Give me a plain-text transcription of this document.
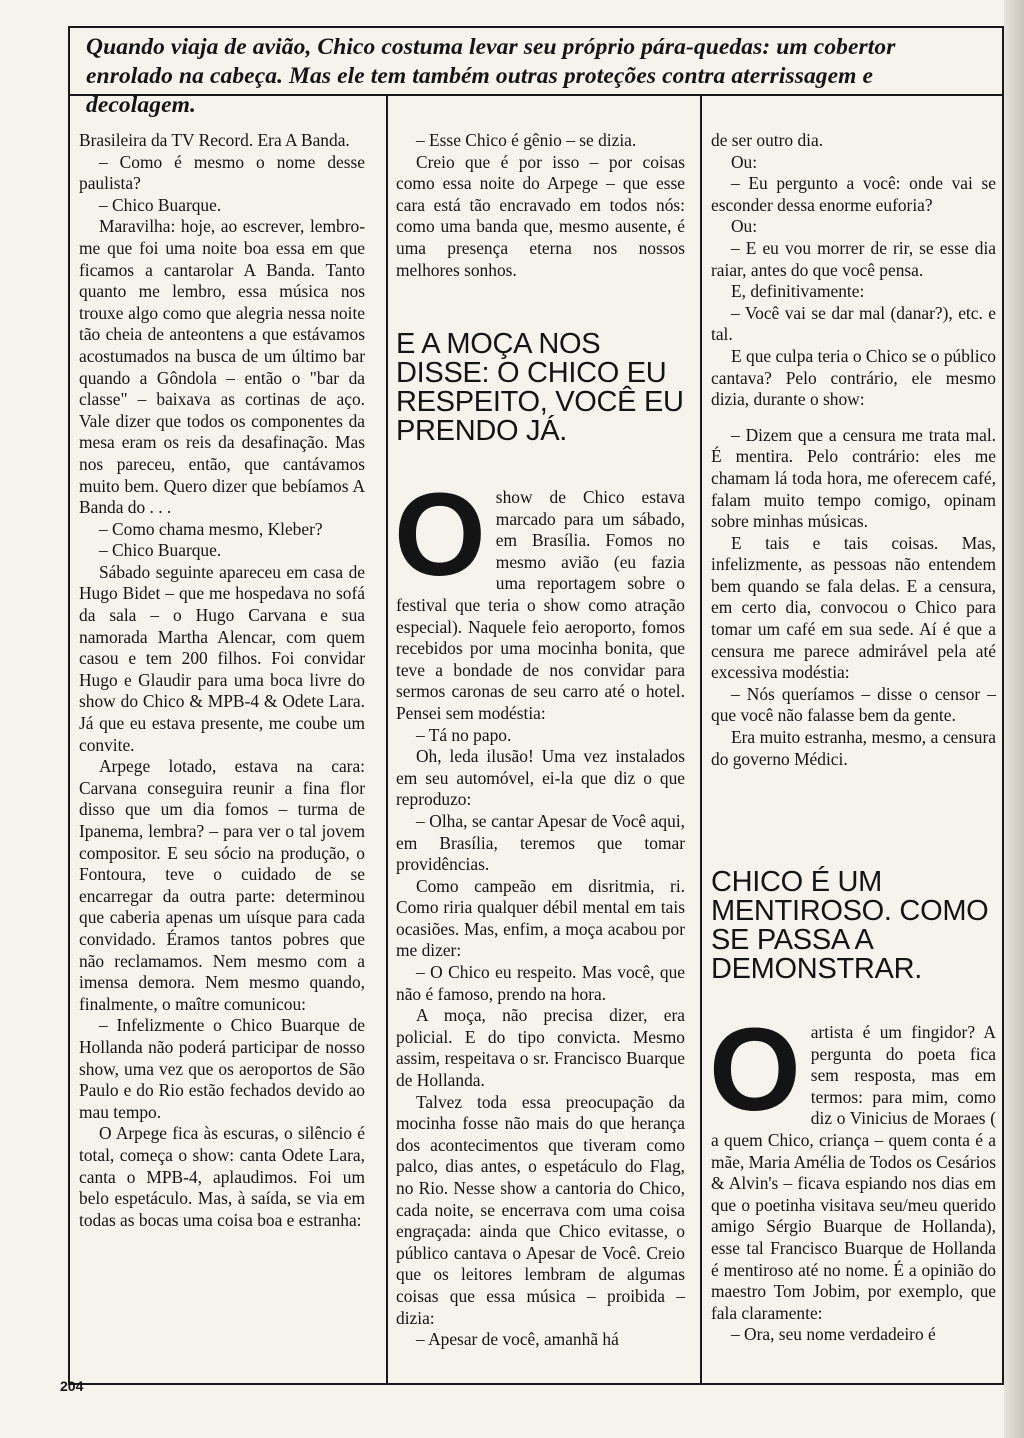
Quando viaja de avião, Chico costuma levar seu próprio pára-quedas: um cobertor enrolado na cabeça. Mas ele tem também outras proteções contra aterrissagem e decolagem.

Brasileira da TV Record. Era A Banda.

– Como é mesmo o nome desse paulista?

– Chico Buarque.

Maravilha: hoje, ao escrever, lembro-me que foi uma noite boa essa em que ficamos a cantarolar A Banda. Tanto quanto me lembro, essa música nos trouxe algo como que alegria nessa noite tão cheia de anteontens a que estávamos acostumados na busca de um último bar quando a Gôndola – então o "bar da classe" – baixava as cortinas de aço. Vale dizer que todos os componentes da mesa eram os reis da desafinação. Mas nos pareceu, então, que cantávamos muito bem. Quero dizer que bebíamos A Banda do . . .

– Como chama mesmo, Kleber?

– Chico Buarque.

Sábado seguinte apareceu em casa de Hugo Bidet – que me hospedava no sofá da sala – o Hugo Carvana e sua namorada Martha Alencar, com quem casou e tem 200 filhos. Foi convidar Hugo e Glaudir para uma boca livre do show do Chico & MPB-4 & Odete Lara. Já que eu estava presente, me coube um convite.

Arpege lotado, estava na cara: Carvana conseguira reunir a fina flor disso que um dia fomos – turma de Ipanema, lembra? – para ver o tal jovem compositor. E seu sócio na produção, o Fontoura, teve o cuidado de se encarregar da outra parte: determinou que caberia apenas um uísque para cada convidado. Éramos tantos pobres que não reclamamos. Nem mesmo com a imensa demora. Nem mesmo quando, finalmente, o maître comunicou:

– Infelizmente o Chico Buarque de Hollanda não poderá participar de nosso show, uma vez que os aeroportos de São Paulo e do Rio estão fechados devido ao mau tempo.

O Arpege fica às escuras, o silêncio é total, começa o show: canta Odete Lara, canta o MPB-4, aplaudimos. Foi um belo espetáculo. Mas, à saída, se via em todas as bocas uma coisa boa e estranha:

– Esse Chico é gênio – se dizia.

Creio que é por isso – por coisas como essa noite do Arpege – que esse cara está tão encravado em todos nós: como uma banda que, mesmo ausente, é uma presença eterna nos nossos melhores sonhos.

E A MOÇA NOS DISSE: O CHICO EU RESPEITO, VOCÊ EU PRENDO JÁ.
O show de Chico estava marcado para um sábado, em Brasília. Fomos no mesmo avião (eu fazia uma reportagem sobre o festival que teria o show como atração especial). Naquele feio aeroporto, fomos recebidos por uma mocinha bonita, que teve a bondade de nos convidar para sermos caronas de seu carro até o hotel. Pensei sem modéstia:

– Tá no papo.

Oh, leda ilusão! Uma vez instalados em seu automóvel, ei-la que diz o que reproduzo:

– Olha, se cantar Apesar de Você aqui, em Brasília, teremos que tomar providências.

Como campeão em disritmia, ri. Como riria qualquer débil mental em tais ocasiões. Mas, enfim, a moça acabou por me dizer:

– O Chico eu respeito. Mas você, que não é famoso, prendo na hora.

A moça, não precisa dizer, era policial. E do tipo convicta. Mesmo assim, respeitava o sr. Francisco Buarque de Hollanda.

Talvez toda essa preocupação da mocinha fosse não mais do que herança dos acontecimentos que tiveram como palco, dias antes, o espetáculo do Flag, no Rio. Nesse show a cantoria do Chico, cada noite, se encerrava com uma coisa engraçada: ainda que Chico evitasse, o público cantava o Apesar de Você. Creio que os leitores lembram de algumas coisas que essa música – proibida – dizia:

– Apesar de você, amanhã há

de ser outro dia.

Ou:

– Eu pergunto a você: onde vai se esconder dessa enorme euforia?

Ou:

– E eu vou morrer de rir, se esse dia raiar, antes do que você pensa.

E, definitivamente:

– Você vai se dar mal (danar?), etc. e tal.

E que culpa teria o Chico se o público cantava? Pelo contrário, ele mesmo dizia, durante o show:

– Dizem que a censura me trata mal. É mentira. Pelo contrário: eles me chamam lá toda hora, me oferecem café, falam muito tempo comigo, opinam sobre minhas músicas.

E tais e tais coisas. Mas, infelizmente, as pessoas não entendem bem quando se fala delas. E a censura, em certo dia, convocou o Chico para tomar um café em sua sede. Aí é que a censura me parece admirável pela até excessiva modéstia:

– Nós queríamos – disse o censor – que você não falasse bem da gente.

Era muito estranha, mesmo, a censura do governo Médici.

CHICO É UM MENTIROSO. COMO SE PASSA A DEMONSTRAR.
O artista é um fingidor? A pergunta do poeta fica sem resposta, mas em termos: para mim, como diz o Vinicius de Moraes ( a quem Chico, criança – quem conta é a mãe, Maria Amélia de Todos os Cesários & Alvin's – ficava espiando nos dias em que o poetinha visitava seu/meu querido amigo Sérgio Buarque de Hollanda), esse tal Francisco Buarque de Hollanda é mentiroso até no nome. É a opinião do maestro Tom Jobim, por exemplo, que fala claramente:

– Ora, seu nome verdadeiro é

204
